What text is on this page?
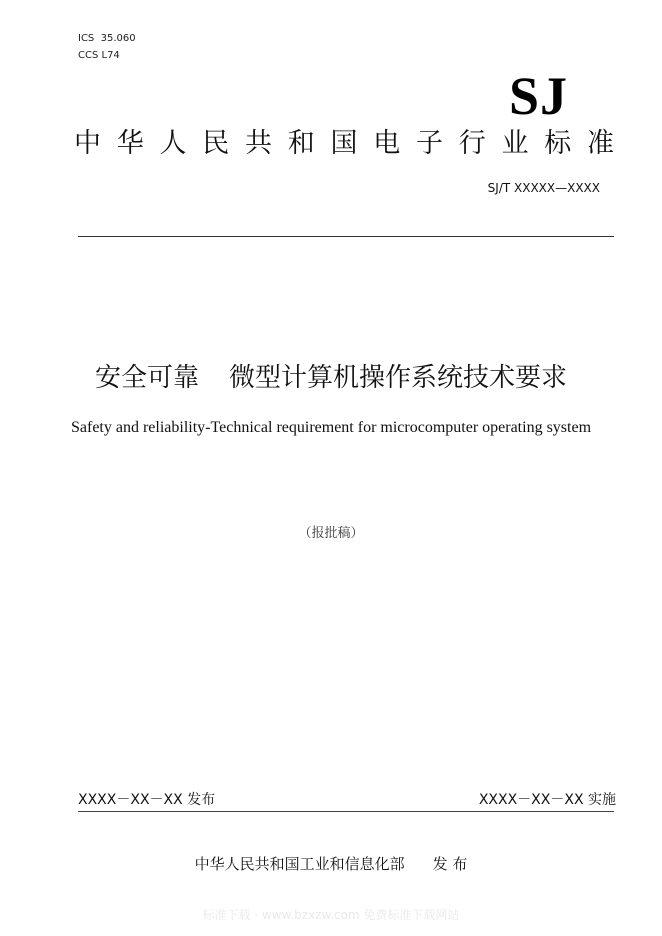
ICS  35.060
CCS L74
SJ
中华人民共和国电子行业标准
SJ/T XXXXX—XXXX
安全可靠 微型计算机操作系统技术要求
Safety and reliability-Technical requirement for microcomputer operating system
（报批稿）
XXXX－XX－XX 发布	XXXX－XX－XX 实施
中华人民共和国工业和信息化部 发 布
标准下载 · www.bzxzw.com 免费标准下载网站
